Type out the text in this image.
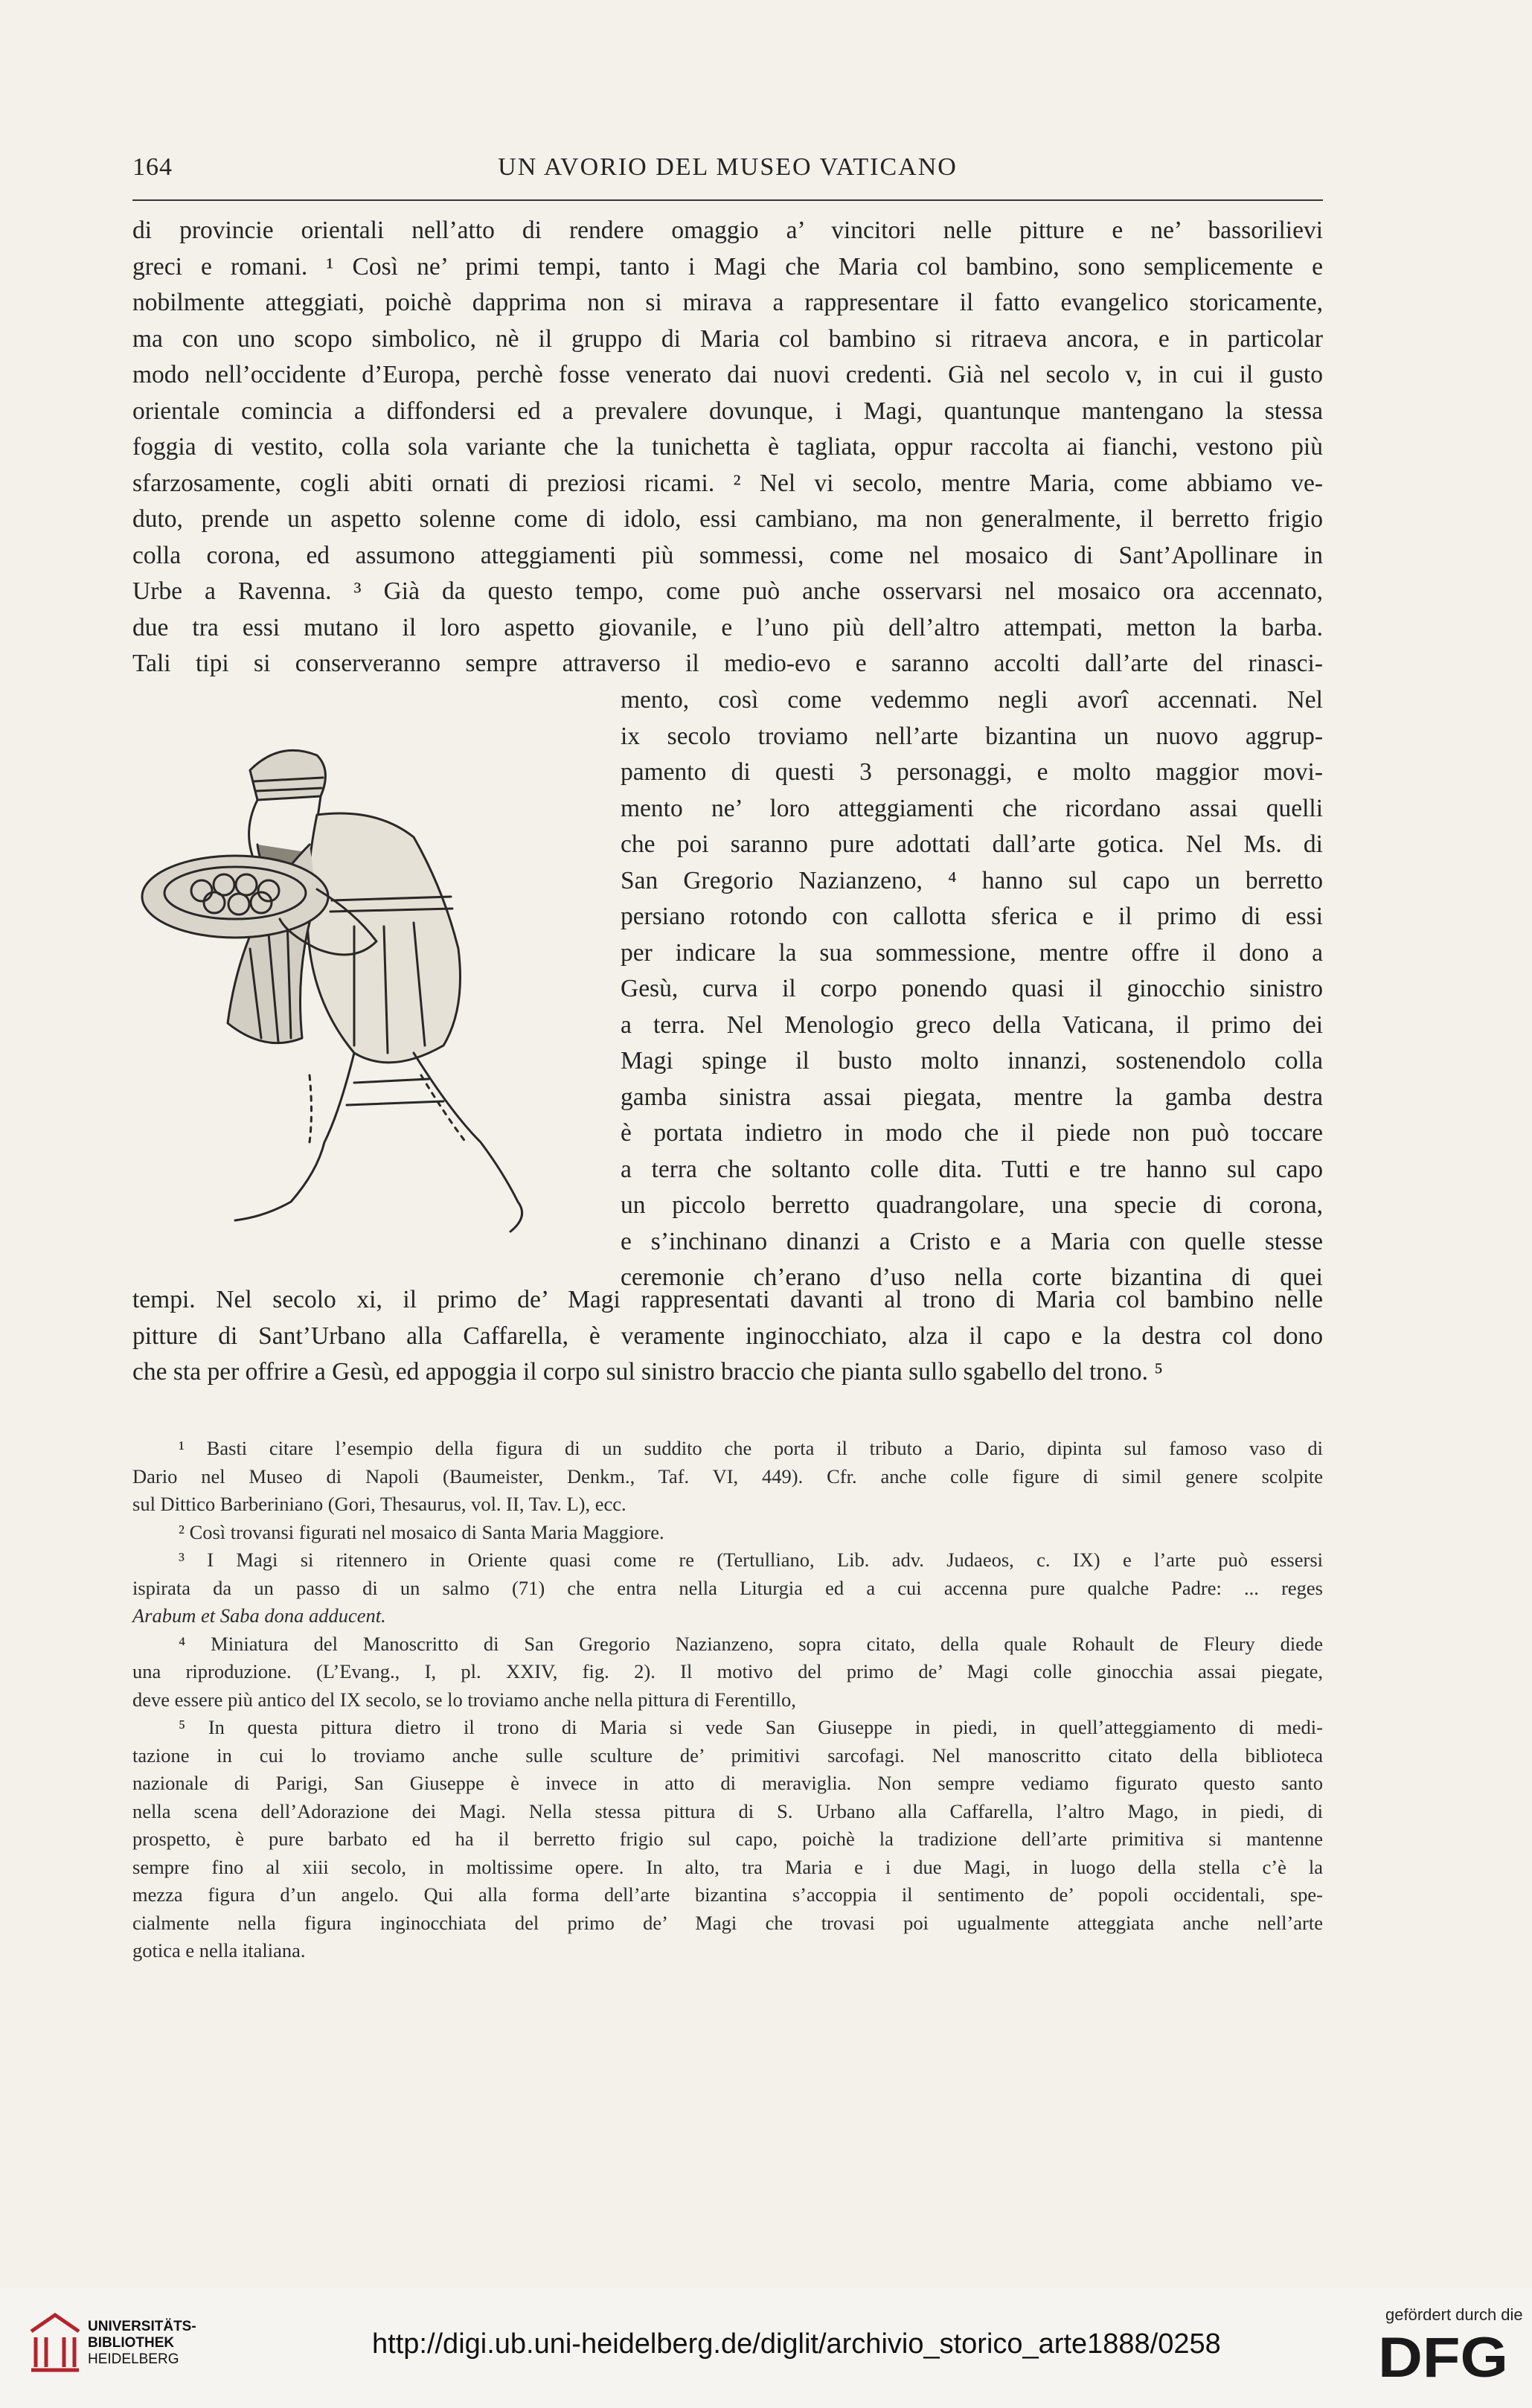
164	UN AVORIO DEL MUSEO VATICANO

di provincie orientali nell’atto di rendere omaggio a’ vincitori nelle pitture e ne’ bassorilievi

greci e romani. ¹ Così ne’ primi tempi, tanto i Magi che Maria col bambino, sono semplicemente e

nobilmente atteggiati, poichè dapprima non si mirava a rappresentare il fatto evangelico storicamente,

ma con uno scopo simbolico, nè il gruppo di Maria col bambino si ritraeva ancora, e in particolar

modo nell’occidente d’Europa, perchè fosse venerato dai nuovi credenti. Già nel secolo v, in cui il gusto

orientale comincia a diffondersi ed a prevalere dovunque, i Magi, quantunque mantengano la stessa

foggia di vestito, colla sola variante che la tunichetta è tagliata, oppur raccolta ai fianchi, vestono più

sfarzosamente, cogli abiti ornati di preziosi ricami. ² Nel vi secolo, mentre Maria, come abbiamo ve-

duto, prende un aspetto solenne come di idolo, essi cambiano, ma non generalmente, il berretto frigio

colla corona, ed assumono atteggiamenti più sommessi, come nel mosaico di Sant’Apollinare in

Urbe a Ravenna. ³ Già da questo tempo, come può anche osservarsi nel mosaico ora accennato,

due tra essi mutano il loro aspetto giovanile, e l’uno più dell’altro attempati, metton la barba.

Tali tipi si conserveranno sempre attraverso il medio-evo e saranno accolti dall’arte del rinasci-

mento, così come vedemmo negli avorî accennati. Nel

ix secolo troviamo nell’arte bizantina un nuovo aggrup-

pamento di questi 3 personaggi, e molto maggior movi-

mento ne’ loro atteggiamenti che ricordano assai quelli

che poi saranno pure adottati dall’arte gotica. Nel Ms. di

San Gregorio Nazianzeno, ⁴ hanno sul capo un berretto

persiano rotondo con callotta sferica e il primo di essi

per indicare la sua sommessione, mentre offre il dono a

Gesù, curva il corpo ponendo quasi il ginocchio sinistro

a terra. Nel Menologio greco della Vaticana, il primo dei

Magi spinge il busto molto innanzi, sostenendolo colla

gamba sinistra assai piegata, mentre la gamba destra

è portata indietro in modo che il piede non può toccare

a terra che soltanto colle dita. Tutti e tre hanno sul capo

un piccolo berretto quadrangolare, una specie di corona,

e s’inchinano dinanzi a Cristo e a Maria con quelle stesse

ceremonie ch’erano d’uso nella corte bizantina di quei

tempi. Nel secolo xi, il primo de’ Magi rappresentati davanti al trono di Maria col bambino nelle

pitture di Sant’Urbano alla Caffarella, è veramente inginocchiato, alza il capo e la destra col dono

che sta per offrire a Gesù, ed appoggia il corpo sul sinistro braccio che pianta sullo sgabello del trono. ⁵

¹ Basti citare l’esempio della figura di un suddito che porta il tributo a Dario, dipinta sul famoso vaso di

Dario nel Museo di Napoli (Baumeister, Denkm., Taf. VI, 449). Cfr. anche colle figure di simil genere scolpite

sul Dittico Barberiniano (Gori, Thesaurus, vol. II, Tav. L), ecc.

² Così trovansi figurati nel mosaico di Santa Maria Maggiore.

³ I Magi si ritennero in Oriente quasi come re (Tertulliano, Lib. adv. Judaeos, c. IX) e l’arte può essersi

ispirata da un passo di un salmo (71) che entra nella Liturgia ed a cui accenna pure qualche Padre: ... reges

Arabum et Saba dona adducent.

⁴ Miniatura del Manoscritto di San Gregorio Nazianzeno, sopra citato, della quale Rohault de Fleury diede

una riproduzione. (L’Evang., I, pl. XXIV, fig. 2). Il motivo del primo de’ Magi colle ginocchia assai piegate,

deve essere più antico del IX secolo, se lo troviamo anche nella pittura di Ferentillo,

⁵ In questa pittura dietro il trono di Maria si vede San Giuseppe in piedi, in quell’atteggiamento di medi-

tazione in cui lo troviamo anche sulle sculture de’ primitivi sarcofagi. Nel manoscritto citato della biblioteca

nazionale di Parigi, San Giuseppe è invece in atto di meraviglia. Non sempre vediamo figurato questo santo

nella scena dell’Adorazione dei Magi. Nella stessa pittura di S. Urbano alla Caffarella, l’altro Mago, in piedi, di

prospetto, è pure barbato ed ha il berretto frigio sul capo, poichè la tradizione dell’arte primitiva si mantenne

sempre fino al xiii secolo, in moltissime opere. In alto, tra Maria e i due Magi, in luogo della stella c’è la

mezza figura d’un angelo. Qui alla forma dell’arte bizantina s’accoppia il sentimento de’ popoli occidentali, spe-

cialmente nella figura inginocchiata del primo de’ Magi che trovasi poi ugualmente atteggiata anche nell’arte

gotica e nella italiana.

UNIVERSITÄTS-
BIBLIOTHEK
HEIDELBERG	http://digi.ub.uni-heidelberg.de/diglit/archivio_storico_arte1888/0258
gefördert durch die
DFG
